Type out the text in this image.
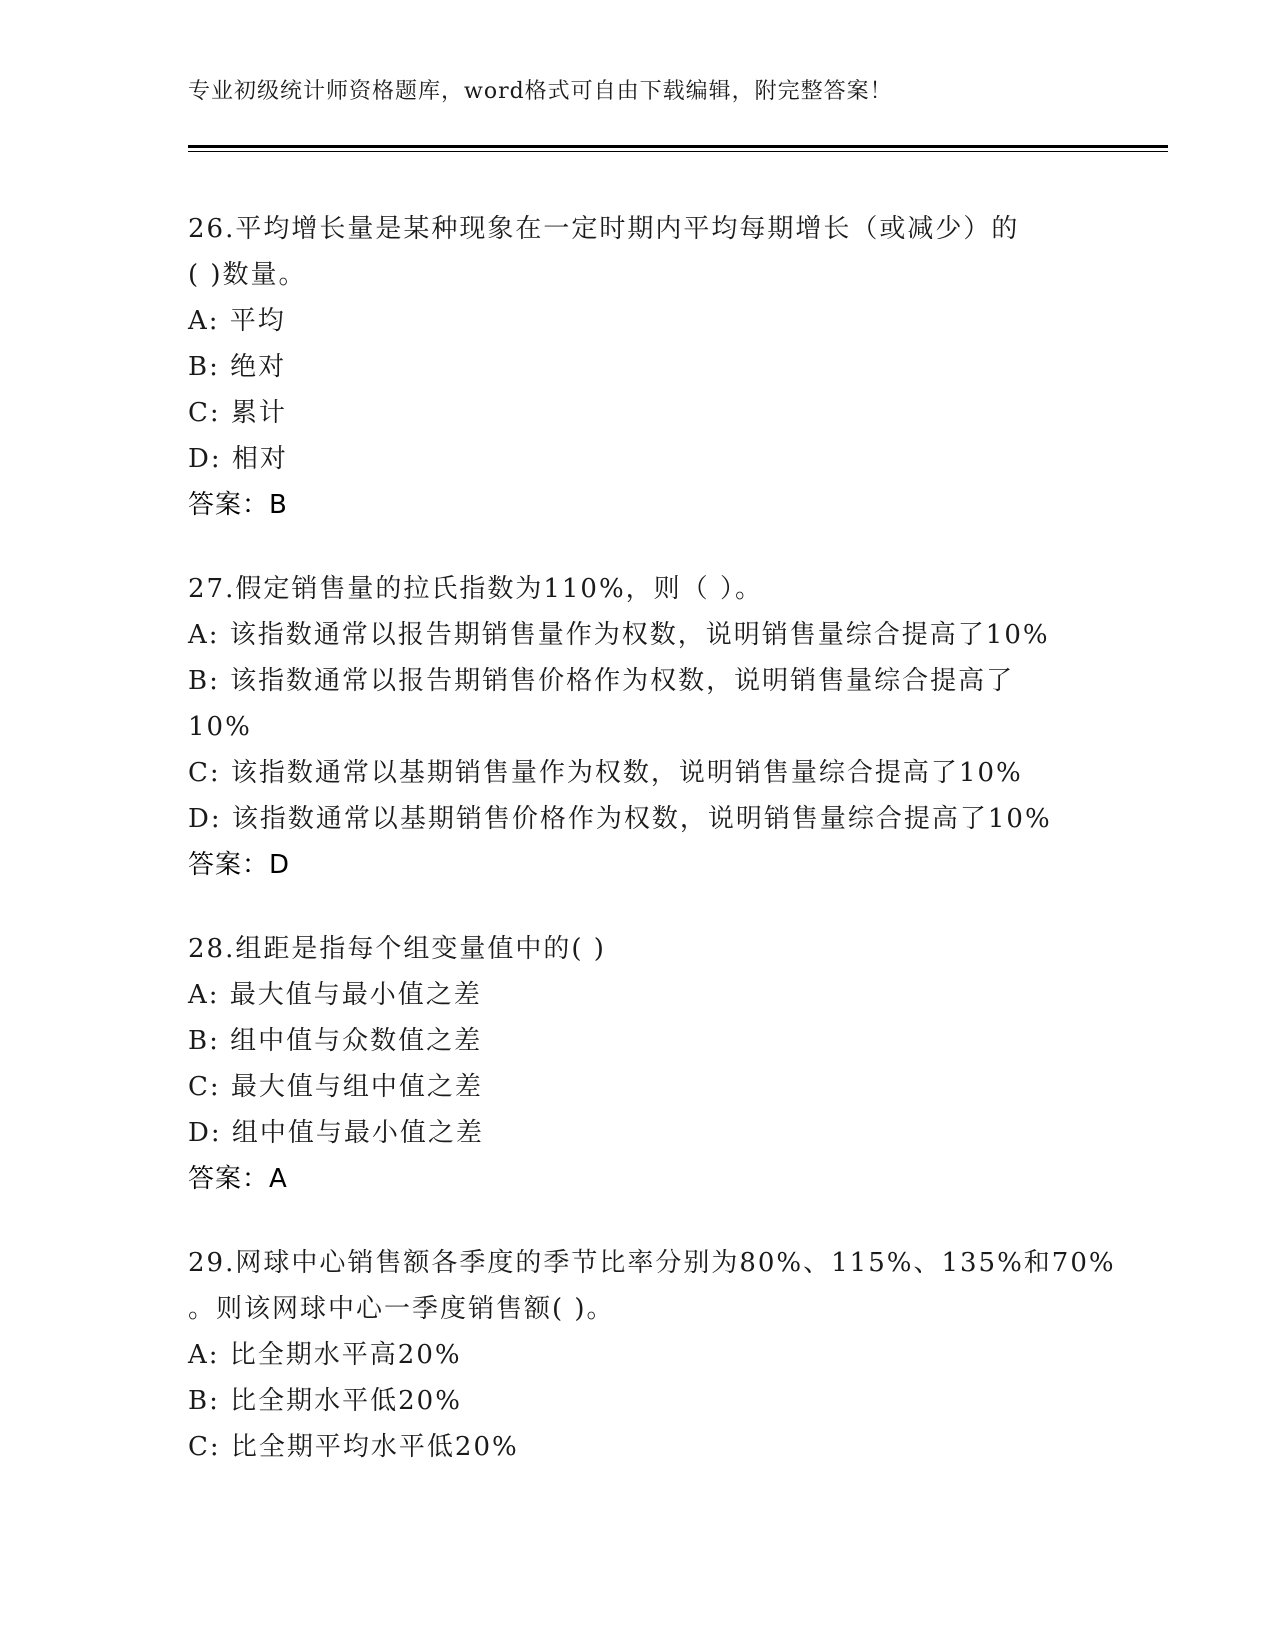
专业初级统计师资格题库，word格式可自由下载编辑，附完整答案！
26.平均增长量是某种现象在一定时期内平均每期增长（或减少）的
( )数量。
A: 平均
B: 绝对
C: 累计
D: 相对
答案：B
27.假定销售量的拉氏指数为110%，则（ ）。
A: 该指数通常以报告期销售量作为权数，说明销售量综合提高了10%
B: 该指数通常以报告期销售价格作为权数，说明销售量综合提高了
10%
C: 该指数通常以基期销售量作为权数，说明销售量综合提高了10%
D: 该指数通常以基期销售价格作为权数，说明销售量综合提高了10%
答案：D
28.组距是指每个组变量值中的( )
A: 最大值与最小值之差
B: 组中值与众数值之差
C: 最大值与组中值之差
D: 组中值与最小值之差
答案：A
29.网球中心销售额各季度的季节比率分别为80%、115%、135%和70%
。则该网球中心一季度销售额( )。
A: 比全期水平高20%
B: 比全期水平低20%
C: 比全期平均水平低20%
